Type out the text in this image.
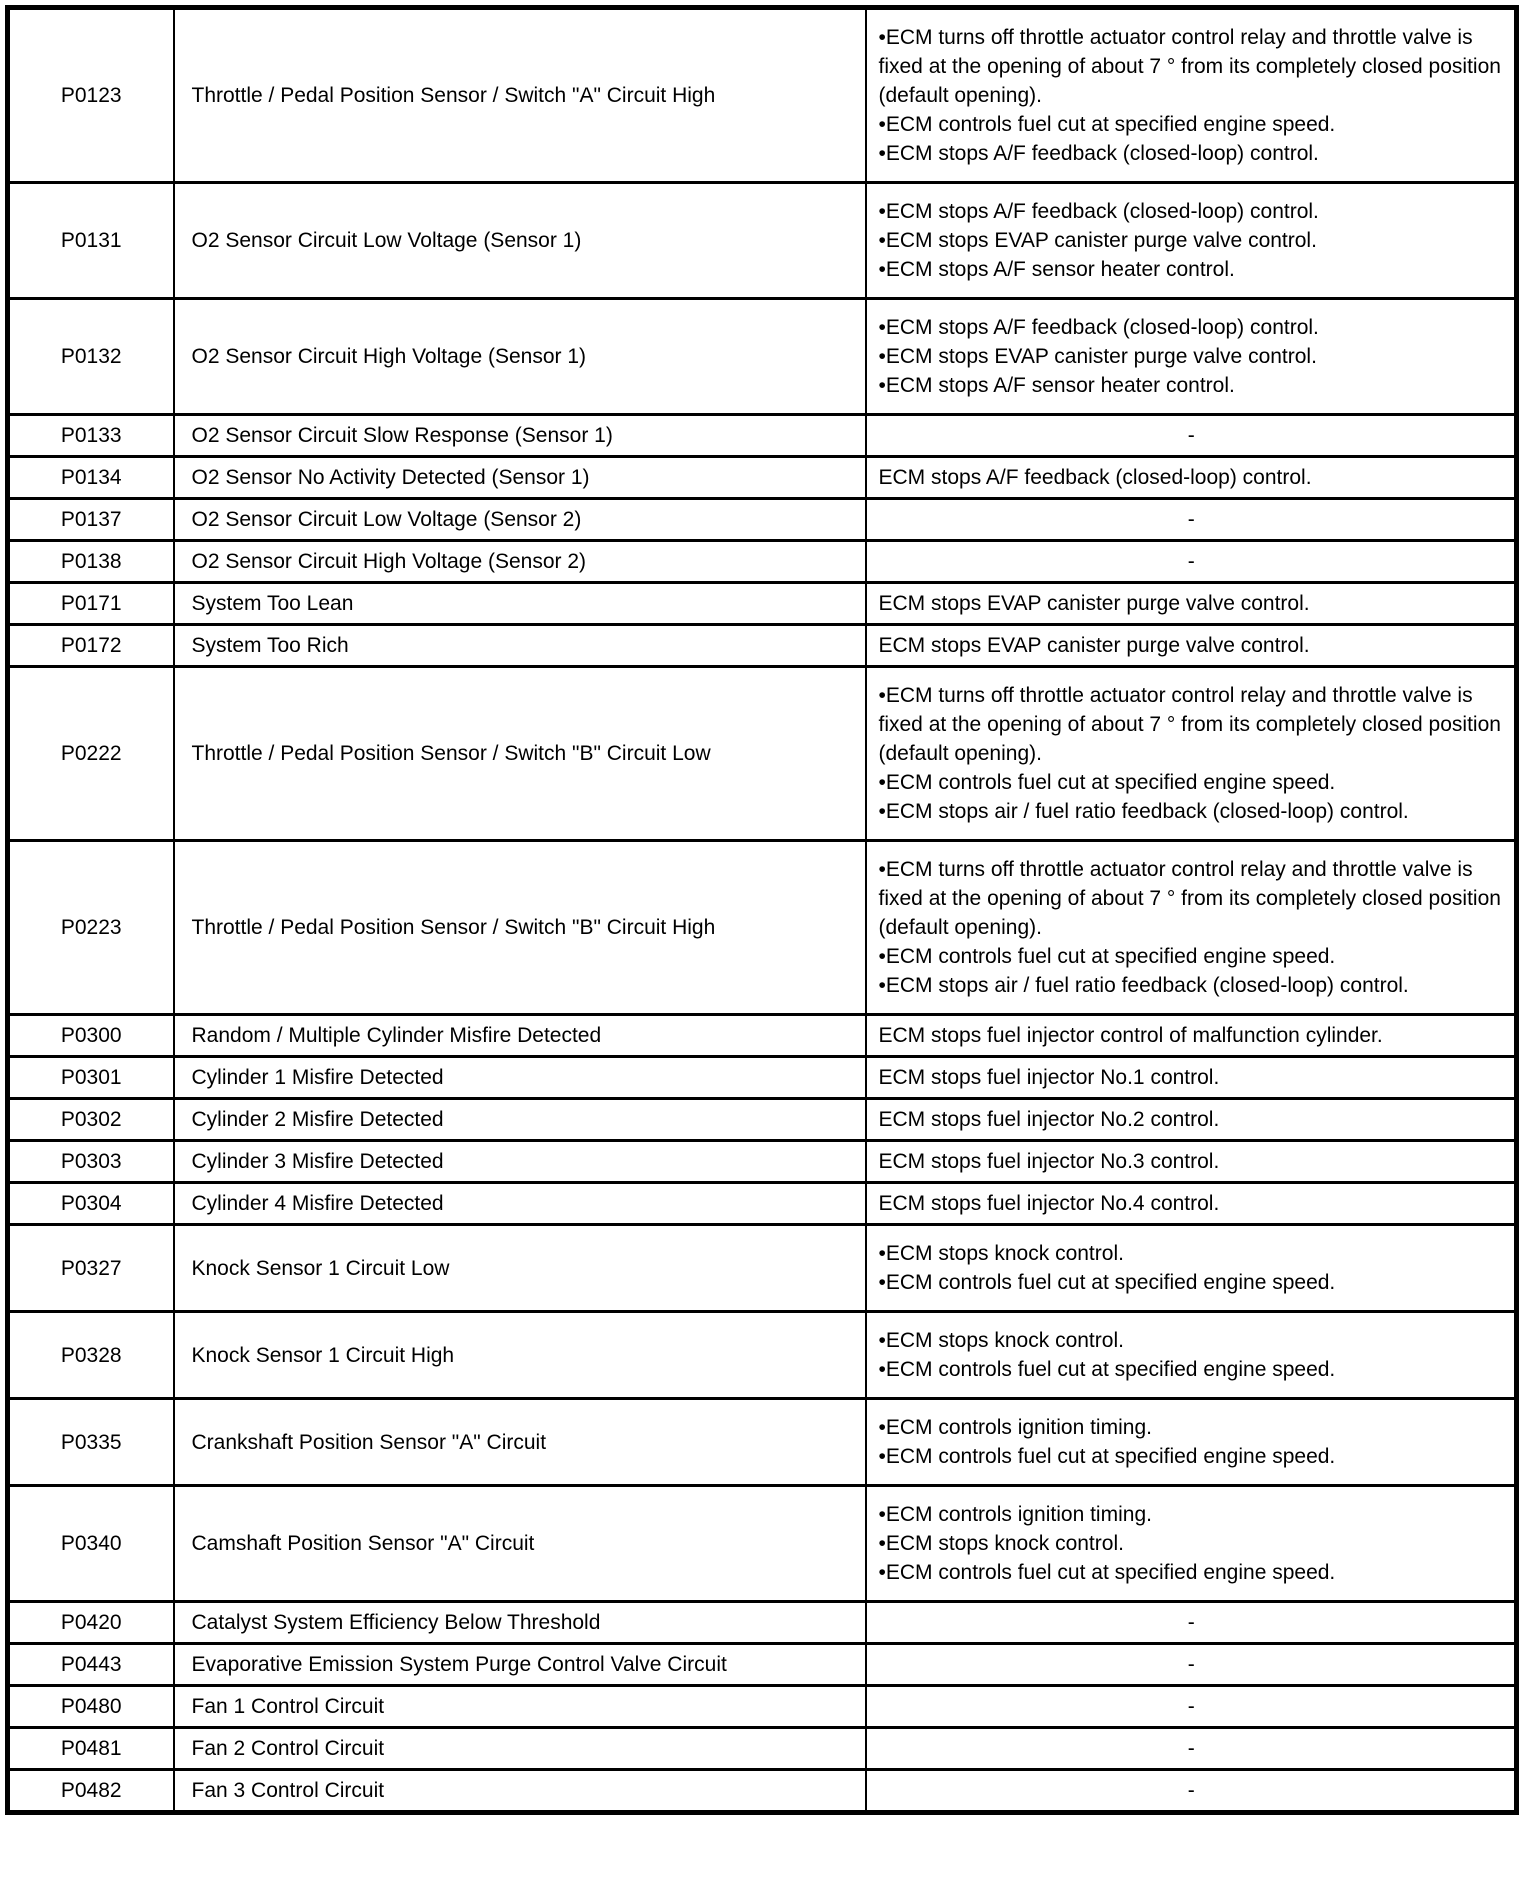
P0123	Throttle / Pedal Position Sensor / Switch "A" Circuit High	•ECM turns off throttle actuator control relay and throttle valve is fixed at the opening of about 7 ° from its completely closed position (default opening).
•ECM controls fuel cut at specified engine speed.
•ECM stops A/F feedback (closed-loop) control.

P0131	O2 Sensor Circuit Low Voltage (Sensor 1)	•ECM stops A/F feedback (closed-loop) control.
•ECM stops EVAP canister purge valve control.
•ECM stops A/F sensor heater control.

P0132	O2 Sensor Circuit High Voltage (Sensor 1)	•ECM stops A/F feedback (closed-loop) control.
•ECM stops EVAP canister purge valve control.
•ECM stops A/F sensor heater control.

P0133	O2 Sensor Circuit Slow Response (Sensor 1)	-
P0134	O2 Sensor No Activity Detected (Sensor 1)	ECM stops A/F feedback (closed-loop) control.

P0137	O2 Sensor Circuit Low Voltage (Sensor 2)	-
P0138	O2 Sensor Circuit High Voltage (Sensor 2)	-
P0171	System Too Lean	ECM stops EVAP canister purge valve control.

P0172	System Too Rich	ECM stops EVAP canister purge valve control.

P0222	Throttle / Pedal Position Sensor / Switch "B" Circuit Low	•ECM turns off throttle actuator control relay and throttle valve is fixed at the opening of about 7 ° from its completely closed position (default opening).
•ECM controls fuel cut at specified engine speed.
•ECM stops air / fuel ratio feedback (closed-loop) control.

P0223	Throttle / Pedal Position Sensor / Switch "B" Circuit High	•ECM turns off throttle actuator control relay and throttle valve is fixed at the opening of about 7 ° from its completely closed position (default opening).
•ECM controls fuel cut at specified engine speed.
•ECM stops air / fuel ratio feedback (closed-loop) control.

P0300	Random / Multiple Cylinder Misfire Detected	ECM stops fuel injector control of malfunction cylinder.

P0301	Cylinder 1 Misfire Detected	ECM stops fuel injector No.1 control.

P0302	Cylinder 2 Misfire Detected	ECM stops fuel injector No.2 control.

P0303	Cylinder 3 Misfire Detected	ECM stops fuel injector No.3 control.

P0304	Cylinder 4 Misfire Detected	ECM stops fuel injector No.4 control.

P0327	Knock Sensor 1 Circuit Low	•ECM stops knock control.
•ECM controls fuel cut at specified engine speed.

P0328	Knock Sensor 1 Circuit High	•ECM stops knock control.
•ECM controls fuel cut at specified engine speed.

P0335	Crankshaft Position Sensor "A" Circuit	•ECM controls ignition timing.
•ECM controls fuel cut at specified engine speed.

P0340	Camshaft Position Sensor "A" Circuit	•ECM controls ignition timing.
•ECM stops knock control.
•ECM controls fuel cut at specified engine speed.

P0420	Catalyst System Efficiency Below Threshold	-
P0443	Evaporative Emission System Purge Control Valve Circuit	-
P0480	Fan 1 Control Circuit	-
P0481	Fan 2 Control Circuit	-
P0482	Fan 3 Control Circuit	-
